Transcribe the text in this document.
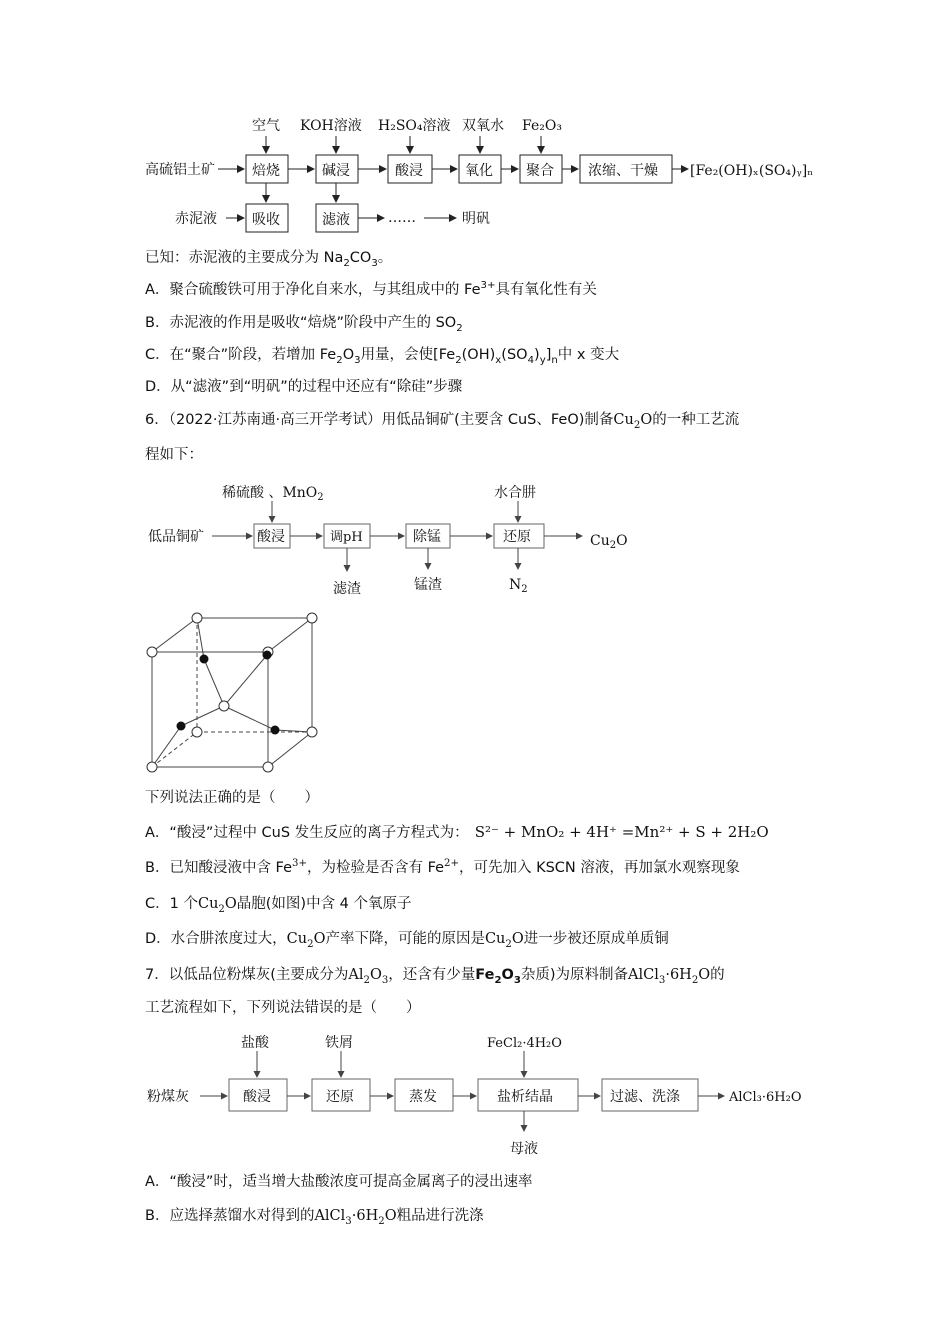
空气 KOH溶液 H₂SO₄溶液 双氧水 Fe₂O₃
高硫铝土矿	焙烧	碱浸	酸浸	氧化 聚合 浓缩、干燥 [Fe₂(OH)ₓ(SO₄)ᵧ]ₙ
赤泥液	吸收	滤液	……	明矾
已知：赤泥液的主要成分为 $Na_2CO_3$。
A．聚合硫酸铁可用于净化自来水，与其组成中的 $Fe^{3+}$具有氧化性有关
B．赤泥液的作用是吸收“焙烧”阶段中产生的 $SO_2$
C．在“聚合”阶段，若增加 $Fe_2O_3$用量，会使$[Fe_2(OH)_x(SO_4)_y]_n$中 x 变大
D．从“滤液”到“明矾”的过程中还应有“除硅”步骤
6．（2022·江苏南通·高三开学考试）用低品铜矿(主要含 CuS、FeO)制备$Cu_2O$的一种工艺流
程如下：
稀硫酸 、MnO$_2$	水合肼
低品铜矿	酸浸	调pH	除锰	还原	$Cu_2O$
滤渣	锰渣	$N_2$
下列说法正确的是（　　）
A．“酸浸”过程中 CuS 发生反应的离子方程式为： S²⁻ + MnO₂ + 4H⁺ =Mn²⁺ + S + 2H₂O
B．已知酸浸液中含 $Fe^{3+}$，为检验是否含有 $Fe^{2+}$，可先加入 KSCN 溶液，再加氯水观察现象
C．1 个$Cu_2O$晶胞(如图)中含 4 个氧原子
D．水合肼浓度过大，$Cu_2O$产率下降，可能的原因是$Cu_2O$进一步被还原成单质铜
7．以低品位粉煤灰(主要成分为$Al_2O_3$，还含有少量$Fe_2O_3$杂质)为原料制备$AlCl_3\cdot 6H_2O$的
工艺流程如下，下列说法错误的是（　　）
盐酸	铁屑	FeCl₂·4H₂O
粉煤灰	酸浸	还原	蒸发	盐析结晶	过滤、洗涤	AlCl₃·6H₂O
母液
A．“酸浸”时，适当增大盐酸浓度可提高金属离子的浸出速率
B．应选择蒸馏水对得到的$AlCl_3\cdot 6H_2O$粗品进行洗涤
